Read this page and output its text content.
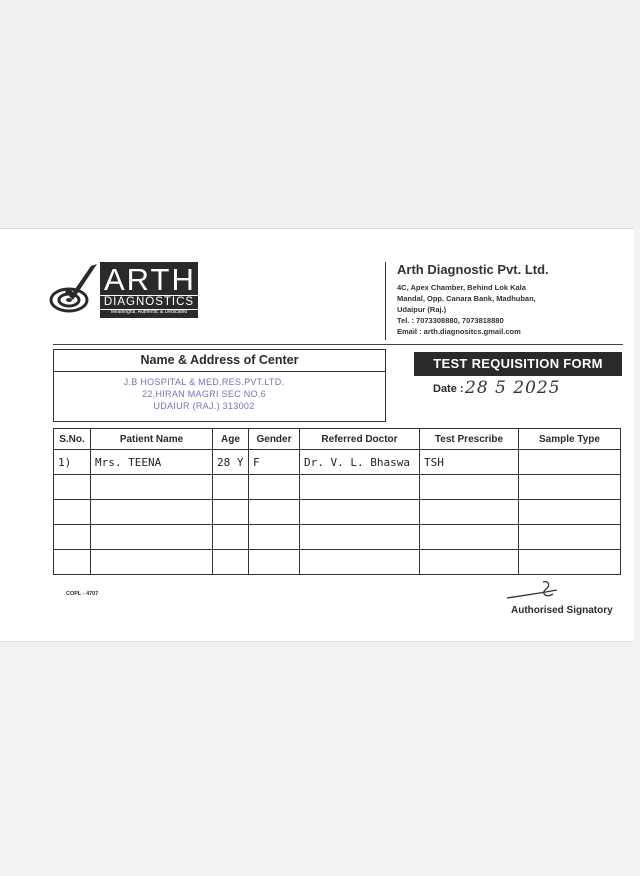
ARTH
DIAGNOSTICS
Meaningful, Authentic & Dedicated
Arth Diagnostic Pvt. Ltd.
4C, Apex Chamber, Behind Lok Kala
Mandal, Opp. Canara Bank, Madhuban,
Udaipur (Raj.)
Tel. : 7073308880, 7073818880
Email : arth.diagnositcs.gmail.com
Name & Address of Center
J.B HOSPITAL & MED.RES.PVT.LTD.
22,HIRAN MAGRI SEC NO.6
UDAIUR (RAJ.) 313002
TEST REQUISITION FORM
Date : 28 5 2025
S.No.	Patient Name	Age	Gender	Referred Doctor	Test Prescribe	Sample Type
1)	Mrs. TEENA	28 Y	F	Dr. V. L. Bhaswa	TSH	

COPL - 4707
Authorised Signatory
